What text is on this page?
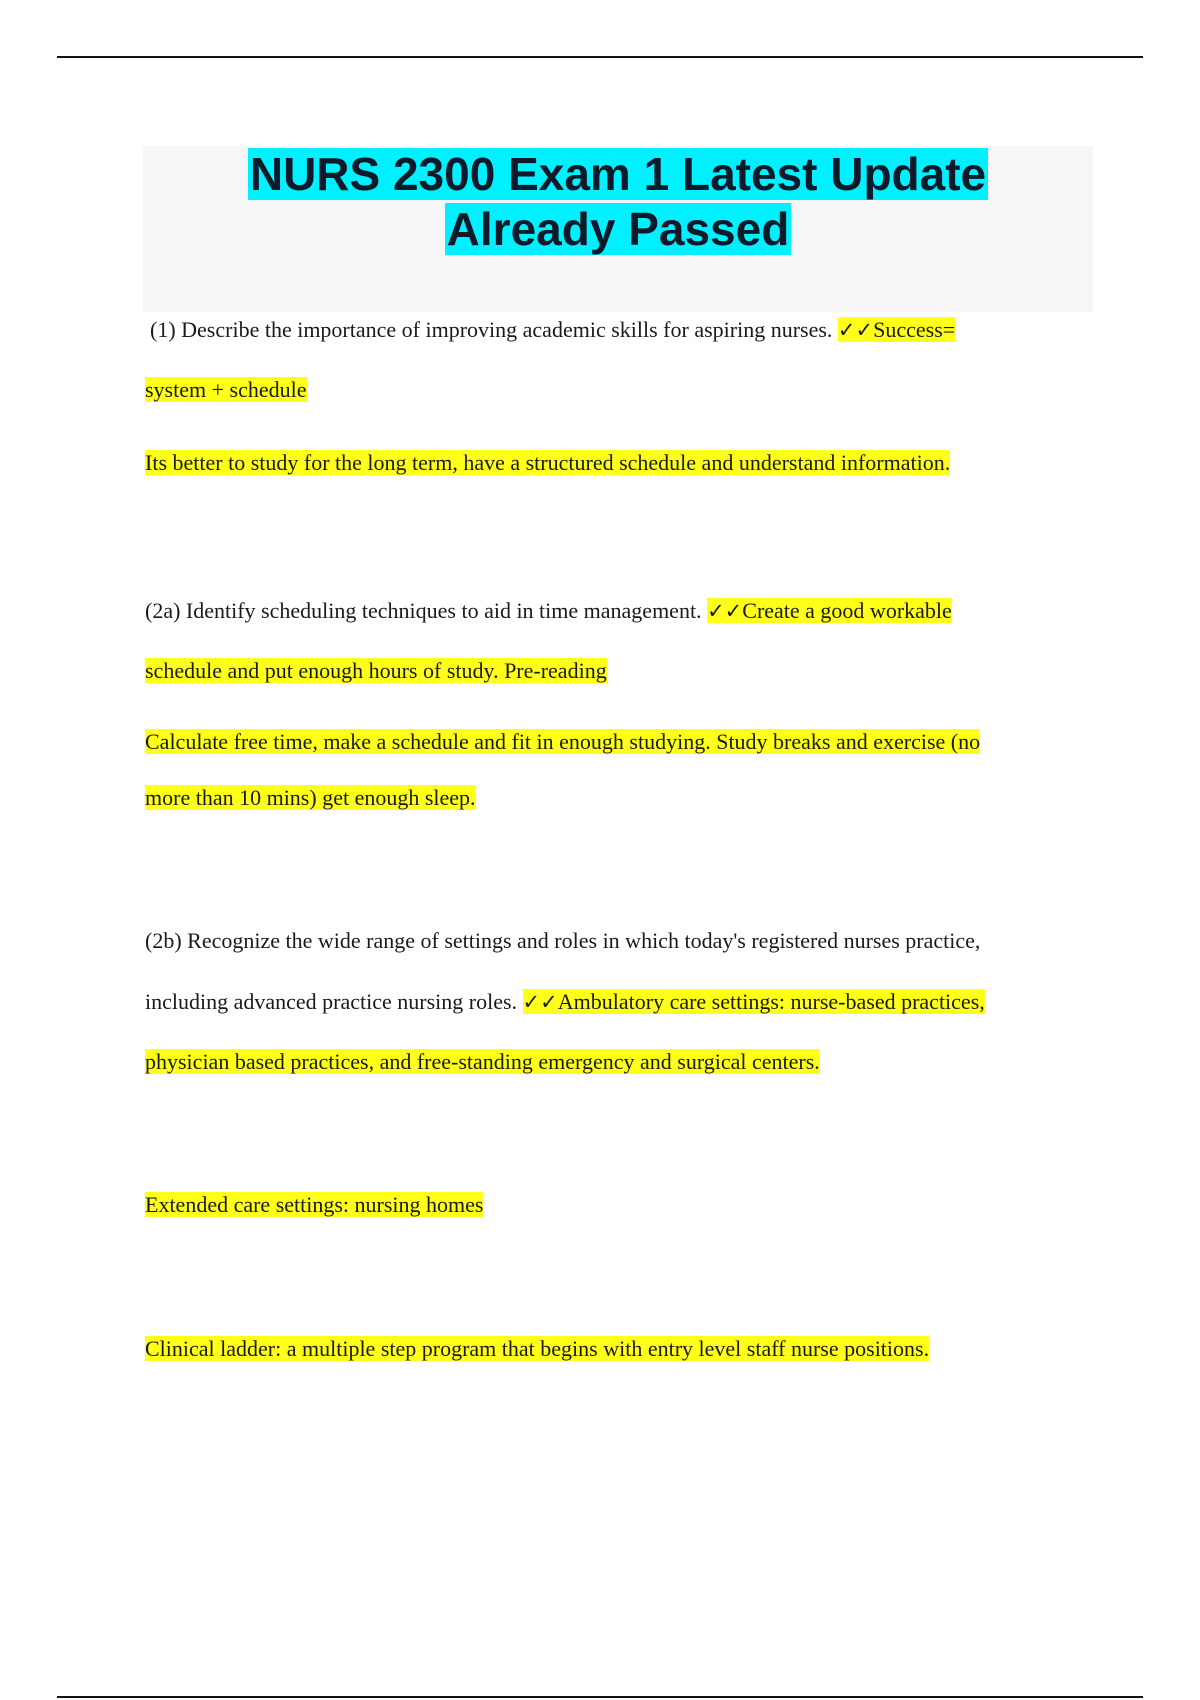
NURS 2300 Exam 1 Latest Update
Already Passed
(1) Describe the importance of improving academic skills for aspiring nurses. ✓✓Success=
system + schedule
Its better to study for the long term, have a structured schedule and understand information.
(2a) Identify scheduling techniques to aid in time management. ✓✓Create a good workable
schedule and put enough hours of study. Pre-reading
Calculate free time, make a schedule and fit in enough studying. Study breaks and exercise (no
more than 10 mins) get enough sleep.
(2b) Recognize the wide range of settings and roles in which today's registered nurses practice,
including advanced practice nursing roles. ✓✓Ambulatory care settings: nurse-based practices,
physician based practices, and free-standing emergency and surgical centers.
Extended care settings: nursing homes
Clinical ladder: a multiple step program that begins with entry level staff nurse positions.
